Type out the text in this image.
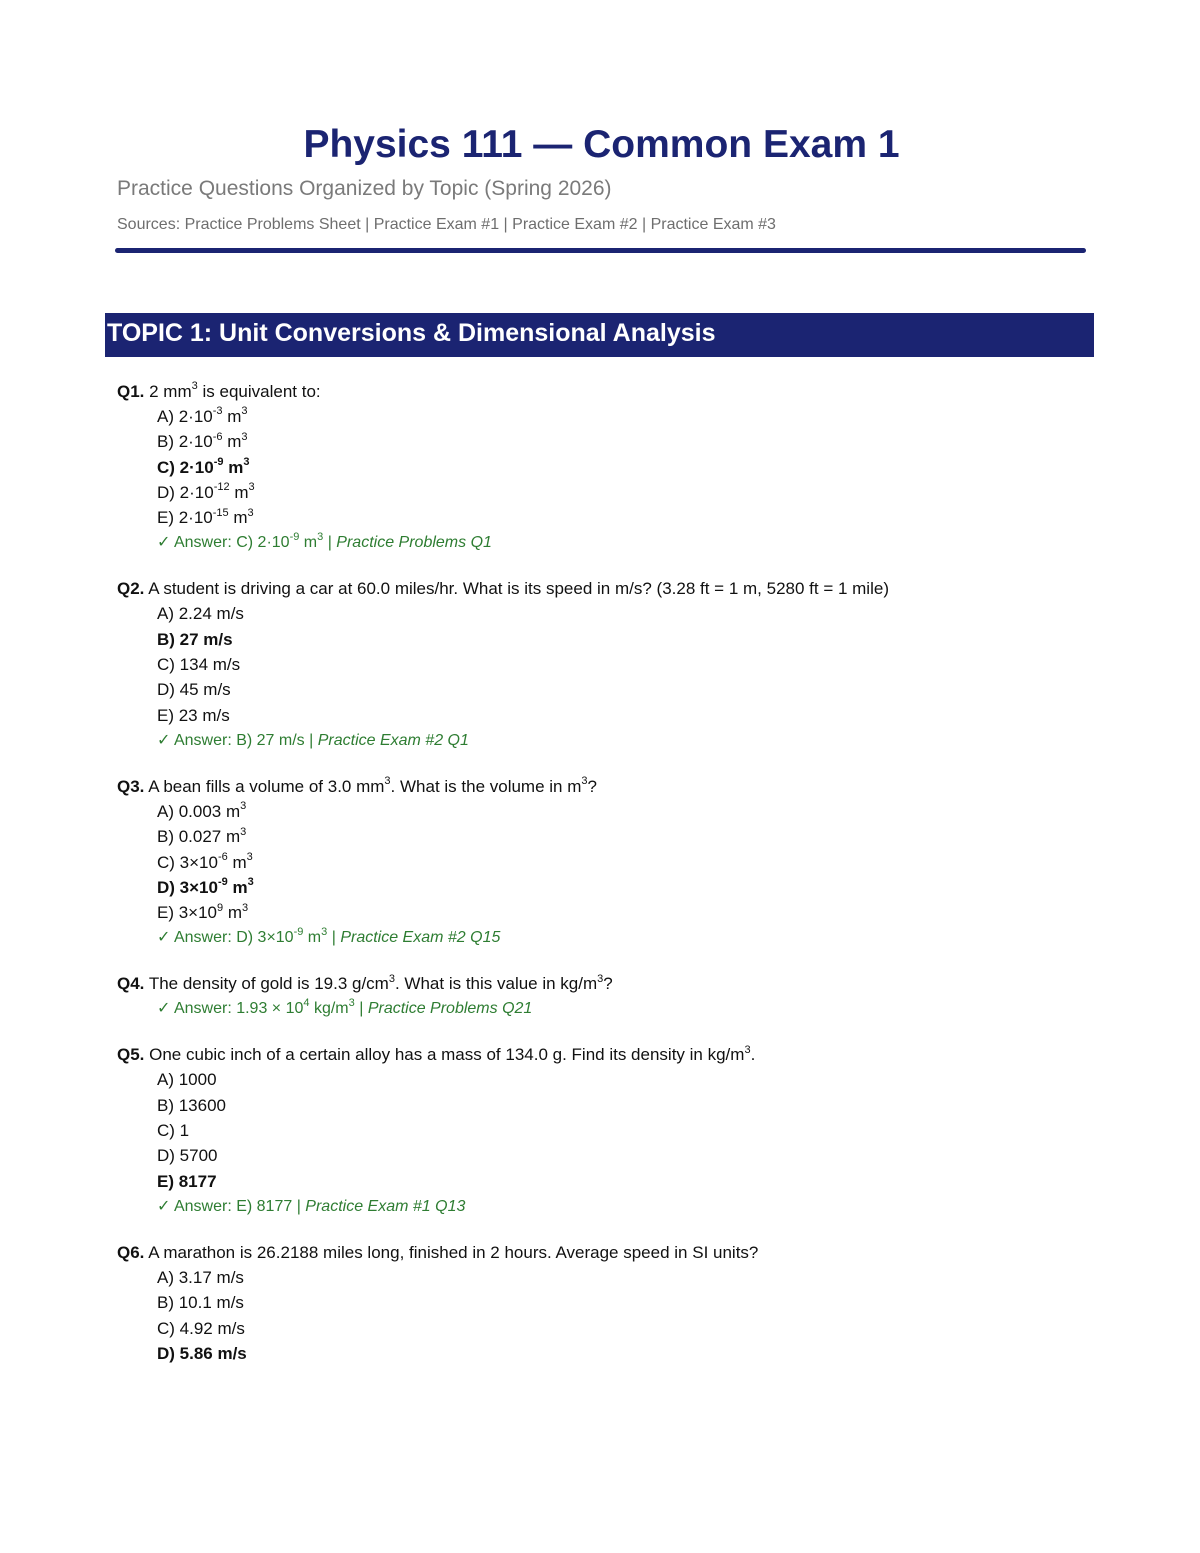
Physics 111 — Common Exam 1
Practice Questions Organized by Topic (Spring 2026)
Sources: Practice Problems Sheet | Practice Exam #1 | Practice Exam #2 | Practice Exam #3
TOPIC 1: Unit Conversions & Dimensional Analysis
Q1. 2 $mm^3$ is equivalent to:
A) $2\cdot 10^{-3}$ $m^3$
B) $2\cdot 10^{-6}$ $m^3$
C) $2\cdot 10^{-9}$ $m^3$
D) $2\cdot 10^{-12}$ $m^3$
E) $2\cdot 10^{-15}$ $m^3$
✓ Answer: C) $2\cdot 10^{-9}$ $m^3$ | Practice Problems Q1
Q2. A student is driving a car at 60.0 miles/hr. What is its speed in m/s? (3.28 ft = 1 m, 5280 ft = 1 mile)
A) 2.24 m/s
B) 27 m/s
C) 134 m/s
D) 45 m/s
E) 23 m/s
✓ Answer: B) 27 m/s | Practice Exam #2 Q1
Q3. A bean fills a volume of 3.0 $mm^3$. What is the volume in $m^3$?
A) 0.003 $m^3$
B) 0.027 $m^3$
C) $3\times 10^{-6}$ $m^3$
D) $3\times 10^{-9}$ $m^3$
E) $3\times 10^9$ $m^3$
✓ Answer: D) $3\times 10^{-9}$ $m^3$ | Practice Exam #2 Q15
Q4. The density of gold is 19.3 $g/cm^3$. What is this value in $kg/m^3$?
✓ Answer: $1.93 \times 10^4$ $kg/m^3$ | Practice Problems Q21
Q5. One cubic inch of a certain alloy has a mass of 134.0 g. Find its density in $kg/m^3$.
A) 1000
B) 13600
C) 1
D) 5700
E) 8177
✓ Answer: E) 8177 | Practice Exam #1 Q13
Q6. A marathon is 26.2188 miles long, finished in 2 hours. Average speed in SI units?
A) 3.17 m/s
B) 10.1 m/s
C) 4.92 m/s
D) 5.86 m/s
